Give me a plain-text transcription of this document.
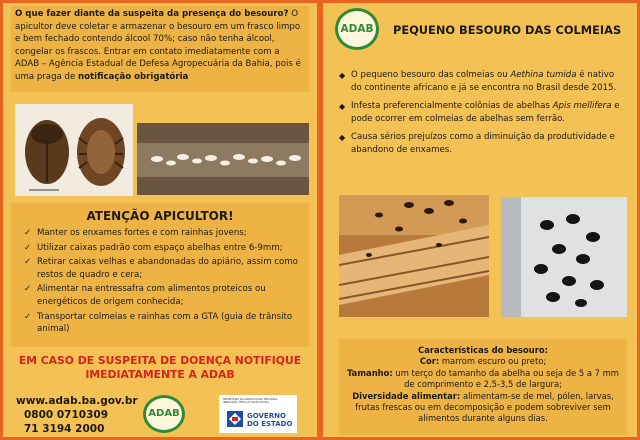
O que fazer diante da suspeita da presença do besouro? O apicultor deve coletar e armazenar o besouro em um frasco limpo e bem fechado contendo álcool 70%; caso não tenha álcool, congelar os frascos. Entrar em contato imediatamente com a ADAB – Agência Estadual de Defesa Agropecuária da Bahia, pois é uma praga de notificação obrigatória
ATENÇÃO APICULTOR!
✓ Manter os enxames fortes e com rainhas jovens;
✓ Utilizar caixas padrão com espaço abelhas entre 6-9mm;
✓ Retirar caixas velhas e abandonadas do apiário, assim como restos de quadro e cera;
✓ Alimentar na entressafra com alimentos proteicos ou energéticos de origem conhecida;
✓ Transportar colmeias e rainhas com a GTA (guia de trânsito animal)
EM CASO DE SUSPEITA DE DOENÇA NOTIFIQUE
IMEDIATAMENTE A ADAB
www.adab.ba.gov.br
0800 0710309
71 3194 2000
ADAB
SECRETARIA DA AGRICULTURA, PECUÁRIA, IRRIGAÇÃO, PESCA E AQUICULTURA
GOVERNO
DO ESTADO
ADAB PEQUENO BESOURO DAS COLMEIAS
◆ O pequeno besouro das colmeias ou Aethina tumida é nativo do continente africano e já se encontra no Brasil desde 2015.
◆ Infesta preferencialmente colônias de abelhas Apis mellifera e pode ocorrer em colmeias de abelhas sem ferrão.
◆ Causa sérios prejuízos como a diminuição da produtividade e abandono de enxames.
Características do besouro:
Cor: marrom escuro ou preto;
Tamanho: um terço do tamanho da abelha ou seja de 5 a 7 mm de comprimento e 2,5-3,5 de largura;
Diversidade alimentar: alimentam-se de mel, pólen, larvas, frutas frescas ou em decomposição e podem sobreviver sem alimentos durante alguns dias.
